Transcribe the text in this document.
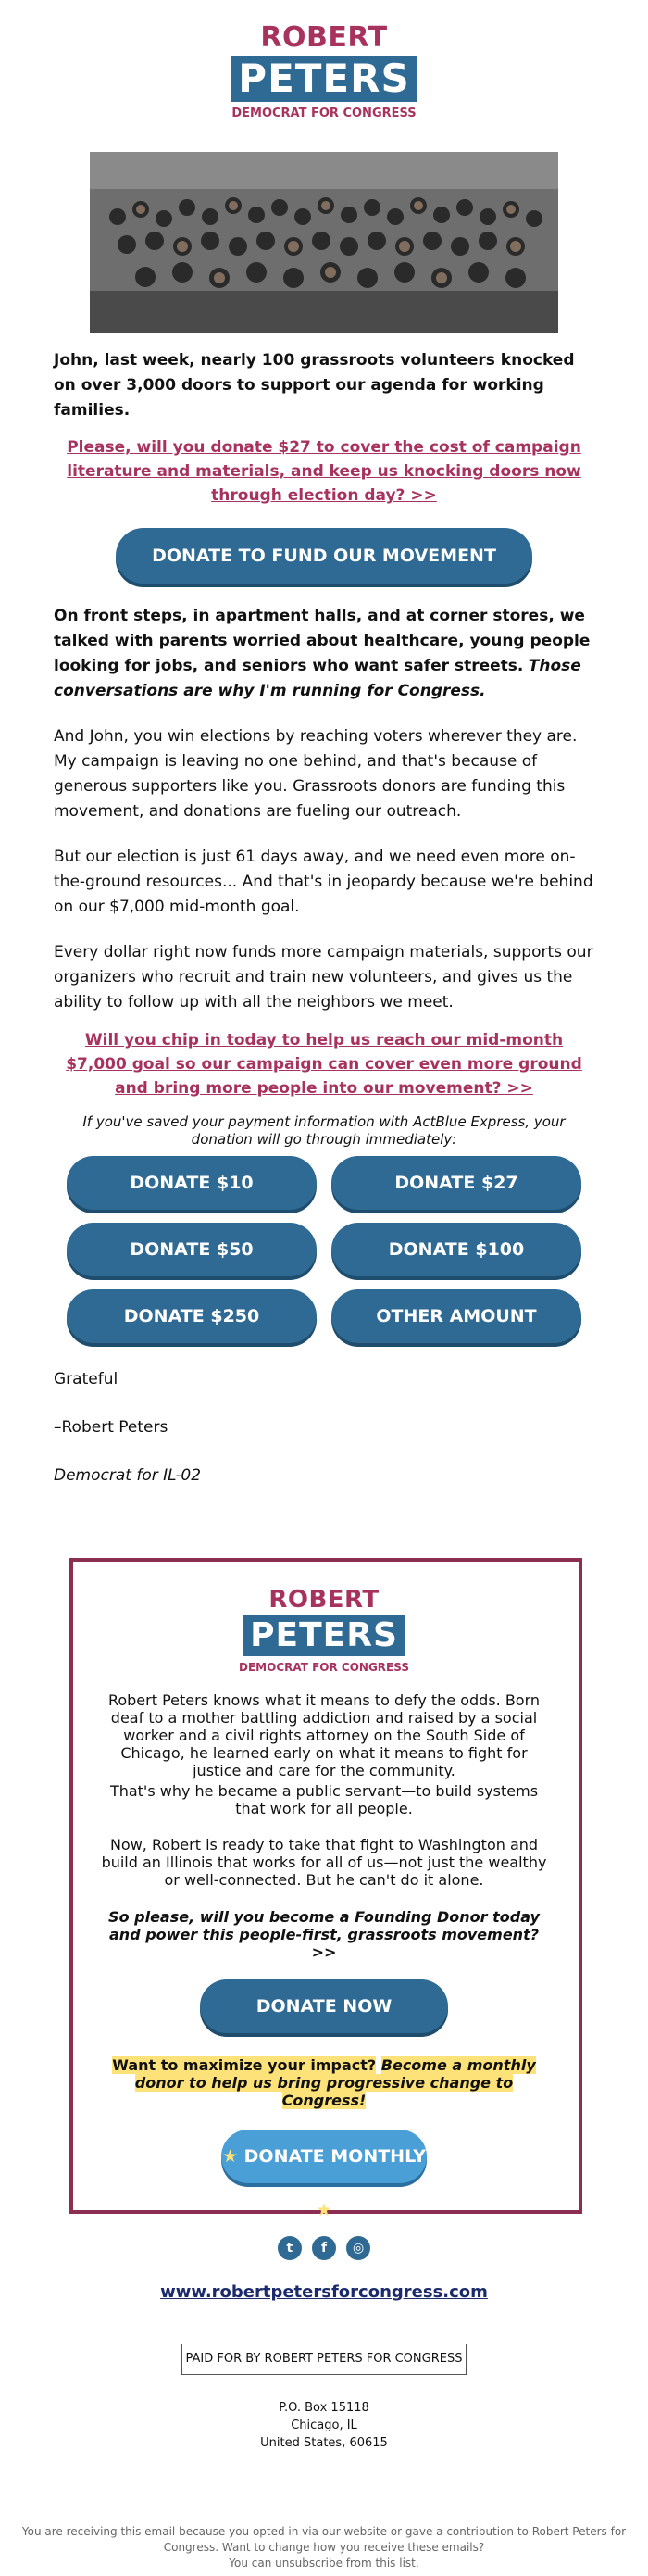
ROBERT
PETERS
DEMOCRAT FOR CONGRESS
John, last week, nearly 100 grassroots volunteers knocked on over 3,000 doors to support our agenda for working families.
Please, will you donate $27 to cover the cost of campaign literature and materials, and keep us knocking doors now through election day? >>
DONATE TO FUND OUR MOVEMENT
On front steps, in apartment halls, and at corner stores, we talked with parents worried about healthcare, young people looking for jobs, and seniors who want safer streets. Those conversations are why I'm running for Congress.
And John, you win elections by reaching voters wherever they are. My campaign is leaving no one behind, and that's because of generous supporters like you. Grassroots donors are funding this movement, and donations are fueling our outreach.
But our election is just 61 days away, and we need even more on-the-ground resources... And that's in jeopardy because we're behind on our $7,000 mid-month goal.
Every dollar right now funds more campaign materials, supports our organizers who recruit and train new volunteers, and gives us the ability to follow up with all the neighbors we meet.
Will you chip in today to help us reach our mid-month $7,000 goal so our campaign can cover even more ground and bring more people into our movement? >>
If you've saved your payment information with ActBlue Express, your donation will go through immediately:
DONATE $10	DONATE $27
DONATE $50	DONATE $100
DONATE $250	OTHER AMOUNT
Grateful
–Robert Peters
Democrat for IL-02
ROBERT
PETERS
DEMOCRAT FOR CONGRESS
Robert Peters knows what it means to defy the odds. Born deaf to a mother battling addiction and raised by a social worker and a civil rights attorney on the South Side of Chicago, he learned early on what it means to fight for justice and care for the community.
That's why he became a public servant—to build systems that work for all people.
Now, Robert is ready to take that fight to Washington and build an Illinois that works for all of us—not just the wealthy or well-connected. But he can't do it alone.
So please, will you become a Founding Donor today and power this people-first, grassroots movement? >>
DONATE NOW
Want to maximize your impact? Become a monthly donor to help us bring progressive change to Congress!
★ DONATE MONTHLY ★
t f ◎
www.robertpetersforcongress.com
PAID FOR BY ROBERT PETERS FOR CONGRESS
P.O. Box 15118
Chicago, IL
United States, 60615
You are receiving this email because you opted in via our website or gave a contribution to Robert Peters for Congress. Want to change how you receive these emails?
You can unsubscribe from this list.
